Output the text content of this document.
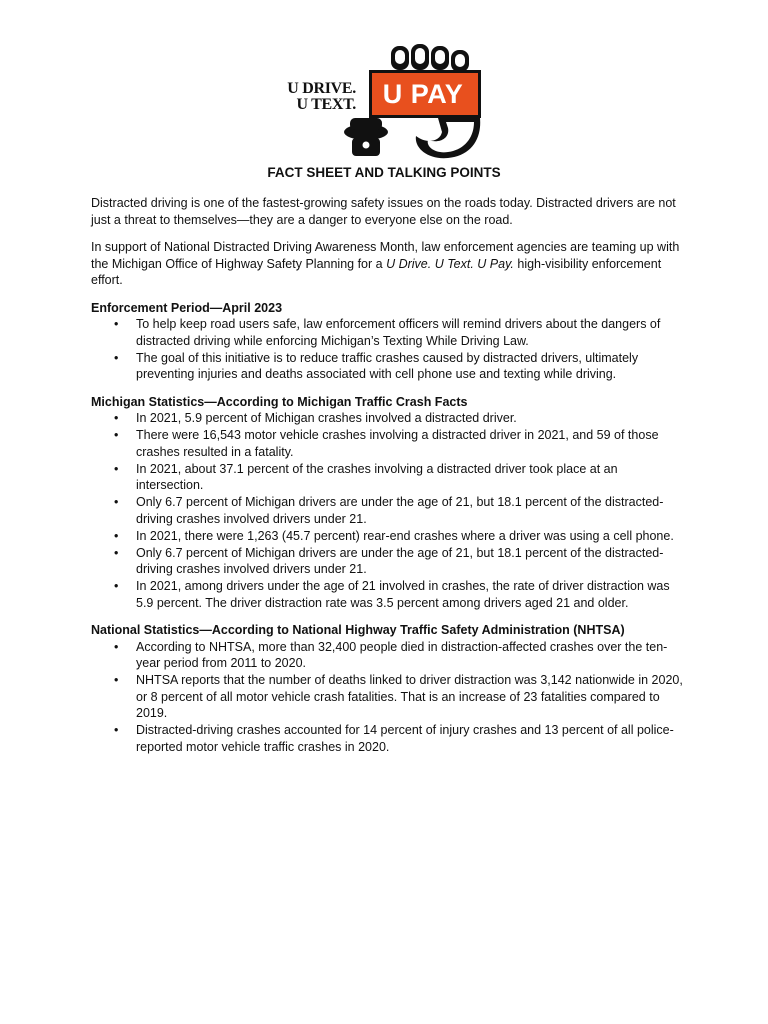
U DRIVE.
U TEXT. U PAY
FACT SHEET AND TALKING POINTS

Distracted driving is one of the fastest-growing safety issues on the roads today. Distracted drivers are not just a threat to themselves—they are a danger to everyone else on the road.

In support of National Distracted Driving Awareness Month, law enforcement agencies are teaming up with the Michigan Office of Highway Safety Planning for a U Drive. U Text. U Pay. high-visibility enforcement effort.

Enforcement Period—April 2023
• To help keep road users safe, law enforcement officers will remind drivers about the dangers of distracted driving while enforcing Michigan’s Texting While Driving Law.
• The goal of this initiative is to reduce traffic crashes caused by distracted drivers, ultimately preventing injuries and deaths associated with cell phone use and texting while driving.
Michigan Statistics—According to Michigan Traffic Crash Facts
• In 2021, 5.9 percent of Michigan crashes involved a distracted driver.
• There were 16,543 motor vehicle crashes involving a distracted driver in 2021, and 59 of those crashes resulted in a fatality.
• In 2021, about 37.1 percent of the crashes involving a distracted driver took place at an intersection.
• Only 6.7 percent of Michigan drivers are under the age of 21, but 18.1 percent of the distracted-driving crashes involved drivers under 21.
• In 2021, there were 1,263 (45.7 percent) rear-end crashes where a driver was using a cell phone.
• Only 6.7 percent of Michigan drivers are under the age of 21, but 18.1 percent of the distracted-driving crashes involved drivers under 21.
• In 2021, among drivers under the age of 21 involved in crashes, the rate of driver distraction was 5.9 percent. The driver distraction rate was 3.5 percent among drivers aged 21 and older.
National Statistics—According to National Highway Traffic Safety Administration (NHTSA)
• According to NHTSA, more than 32,400 people died in distraction-affected crashes over the ten-year period from 2011 to 2020.
• NHTSA reports that the number of deaths linked to driver distraction was 3,142 nationwide in 2020, or 8 percent of all motor vehicle crash fatalities. That is an increase of 23 fatalities compared to 2019.
• Distracted-driving crashes accounted for 14 percent of injury crashes and 13 percent of all police-reported motor vehicle traffic crashes in 2020.
